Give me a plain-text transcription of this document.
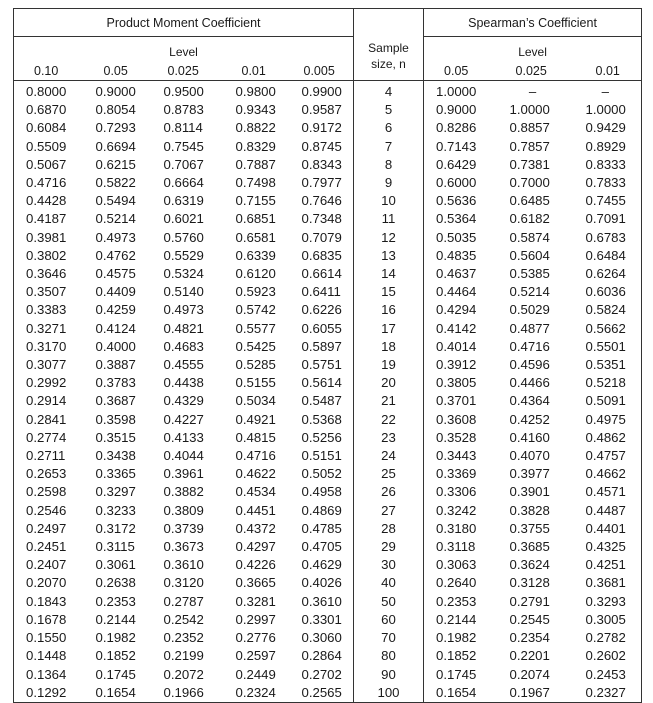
Product Moment Coefficient					Sample
size, n	Spearman’s Coefficient		
Level						Level		
0.10	0.05	0.025	0.01	0.005		0.05	0.025	0.01
0.8000	0.9000	0.9500	0.9800	0.9900	4	1.0000	–	–
0.6870	0.8054	0.8783	0.9343	0.9587	5	0.9000	1.0000	1.0000
0.6084	0.7293	0.8114	0.8822	0.9172	6	0.8286	0.8857	0.9429
0.5509	0.6694	0.7545	0.8329	0.8745	7	0.7143	0.7857	0.8929
0.5067	0.6215	0.7067	0.7887	0.8343	8	0.6429	0.7381	0.8333
0.4716	0.5822	0.6664	0.7498	0.7977	9	0.6000	0.7000	0.7833
0.4428	0.5494	0.6319	0.7155	0.7646	10	0.5636	0.6485	0.7455
0.4187	0.5214	0.6021	0.6851	0.7348	11	0.5364	0.6182	0.7091
0.3981	0.4973	0.5760	0.6581	0.7079	12	0.5035	0.5874	0.6783
0.3802	0.4762	0.5529	0.6339	0.6835	13	0.4835	0.5604	0.6484
0.3646	0.4575	0.5324	0.6120	0.6614	14	0.4637	0.5385	0.6264
0.3507	0.4409	0.5140	0.5923	0.6411	15	0.4464	0.5214	0.6036
0.3383	0.4259	0.4973	0.5742	0.6226	16	0.4294	0.5029	0.5824
0.3271	0.4124	0.4821	0.5577	0.6055	17	0.4142	0.4877	0.5662
0.3170	0.4000	0.4683	0.5425	0.5897	18	0.4014	0.4716	0.5501
0.3077	0.3887	0.4555	0.5285	0.5751	19	0.3912	0.4596	0.5351
0.2992	0.3783	0.4438	0.5155	0.5614	20	0.3805	0.4466	0.5218
0.2914	0.3687	0.4329	0.5034	0.5487	21	0.3701	0.4364	0.5091
0.2841	0.3598	0.4227	0.4921	0.5368	22	0.3608	0.4252	0.4975
0.2774	0.3515	0.4133	0.4815	0.5256	23	0.3528	0.4160	0.4862
0.2711	0.3438	0.4044	0.4716	0.5151	24	0.3443	0.4070	0.4757
0.2653	0.3365	0.3961	0.4622	0.5052	25	0.3369	0.3977	0.4662
0.2598	0.3297	0.3882	0.4534	0.4958	26	0.3306	0.3901	0.4571
0.2546	0.3233	0.3809	0.4451	0.4869	27	0.3242	0.3828	0.4487
0.2497	0.3172	0.3739	0.4372	0.4785	28	0.3180	0.3755	0.4401
0.2451	0.3115	0.3673	0.4297	0.4705	29	0.3118	0.3685	0.4325
0.2407	0.3061	0.3610	0.4226	0.4629	30	0.3063	0.3624	0.4251
0.2070	0.2638	0.3120	0.3665	0.4026	40	0.2640	0.3128	0.3681
0.1843	0.2353	0.2787	0.3281	0.3610	50	0.2353	0.2791	0.3293
0.1678	0.2144	0.2542	0.2997	0.3301	60	0.2144	0.2545	0.3005
0.1550	0.1982	0.2352	0.2776	0.3060	70	0.1982	0.2354	0.2782
0.1448	0.1852	0.2199	0.2597	0.2864	80	0.1852	0.2201	0.2602
0.1364	0.1745	0.2072	0.2449	0.2702	90	0.1745	0.2074	0.2453
0.1292	0.1654	0.1966	0.2324	0.2565	100	0.1654	0.1967	0.2327
